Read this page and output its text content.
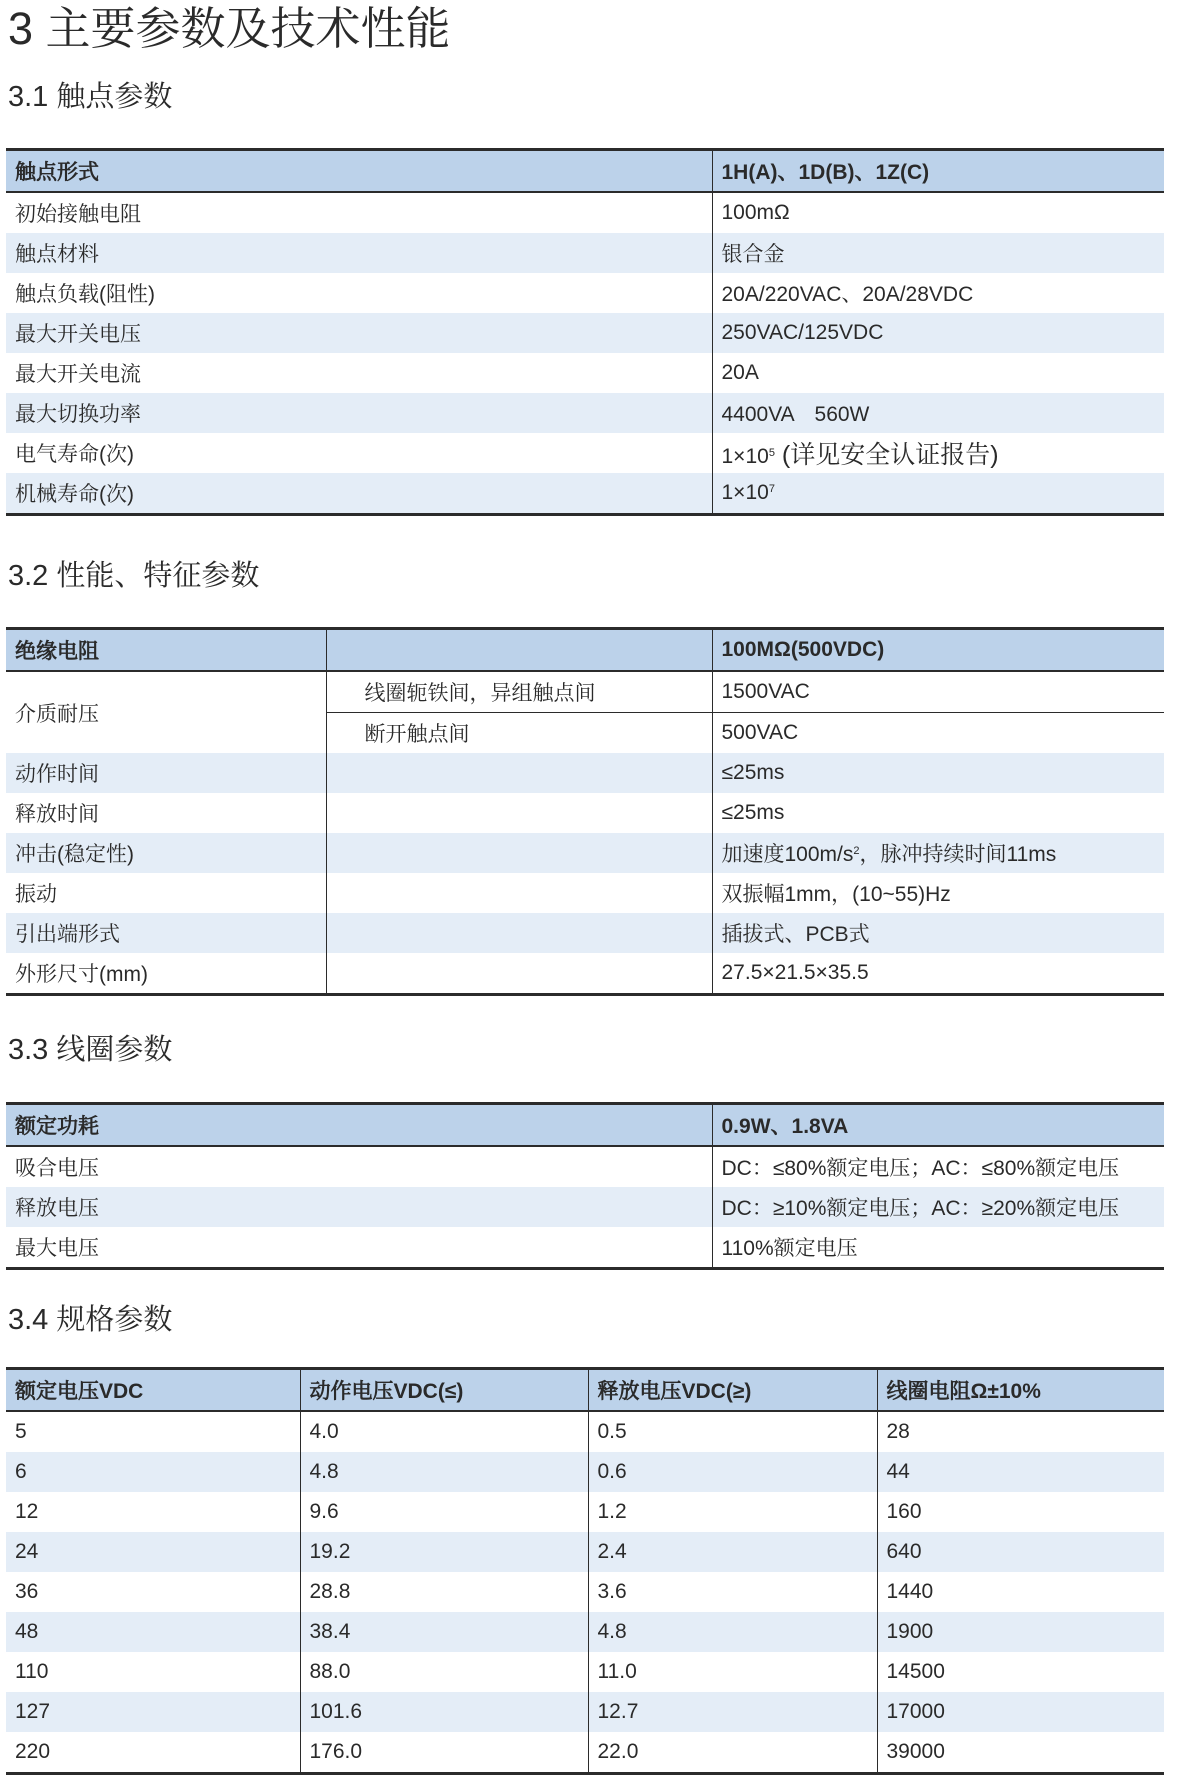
3 主要参数及技术性能
3.1 触点参数
触点形式	1H(A)、1D(B)、1Z(C)
初始接触电阻	100mΩ
触点材料	银合金
触点负载(阻性)	20A/220VAC、20A/28VDC
最大开关电压	250VAC/125VDC
最大开关电流	20A
最大切换功率	4400VA　560W
电气寿命(次)	$1\times 10^5$ (详见安全认证报告)
机械寿命(次)	$1\times 10^7$
3.2 性能、特征参数
绝缘电阻		100MΩ(500VDC)
介质耐压	线圈轭铁间，异组触点间	1500VAC
	断开触点间	500VAC
动作时间		≤25ms
释放时间		≤25ms
冲击(稳定性)		加速度$100m/s^2$，脉冲持续时间11ms
振动		双振幅1mm，(10~55)Hz
引出端形式		插拔式、PCB式
外形尺寸(mm)		27.5×21.5×35.5
3.3 线圈参数
额定功耗	0.9W、1.8VA
吸合电压	DC：≤80%额定电压；AC：≤80%额定电压
释放电压	DC：≥10%额定电压；AC：≥20%额定电压
最大电压	110%额定电压
3.4 规格参数
额定电压VDC	动作电压VDC(≤)	释放电压VDC(≥)	线圈电阻Ω±10%
5	4.0	0.5	28
6	4.8	0.6	44
12	9.6	1.2	160
24	19.2	2.4	640
36	28.8	3.6	1440
48	38.4	4.8	1900
110	88.0	11.0	14500
127	101.6	12.7	17000
220	176.0	22.0	39000
